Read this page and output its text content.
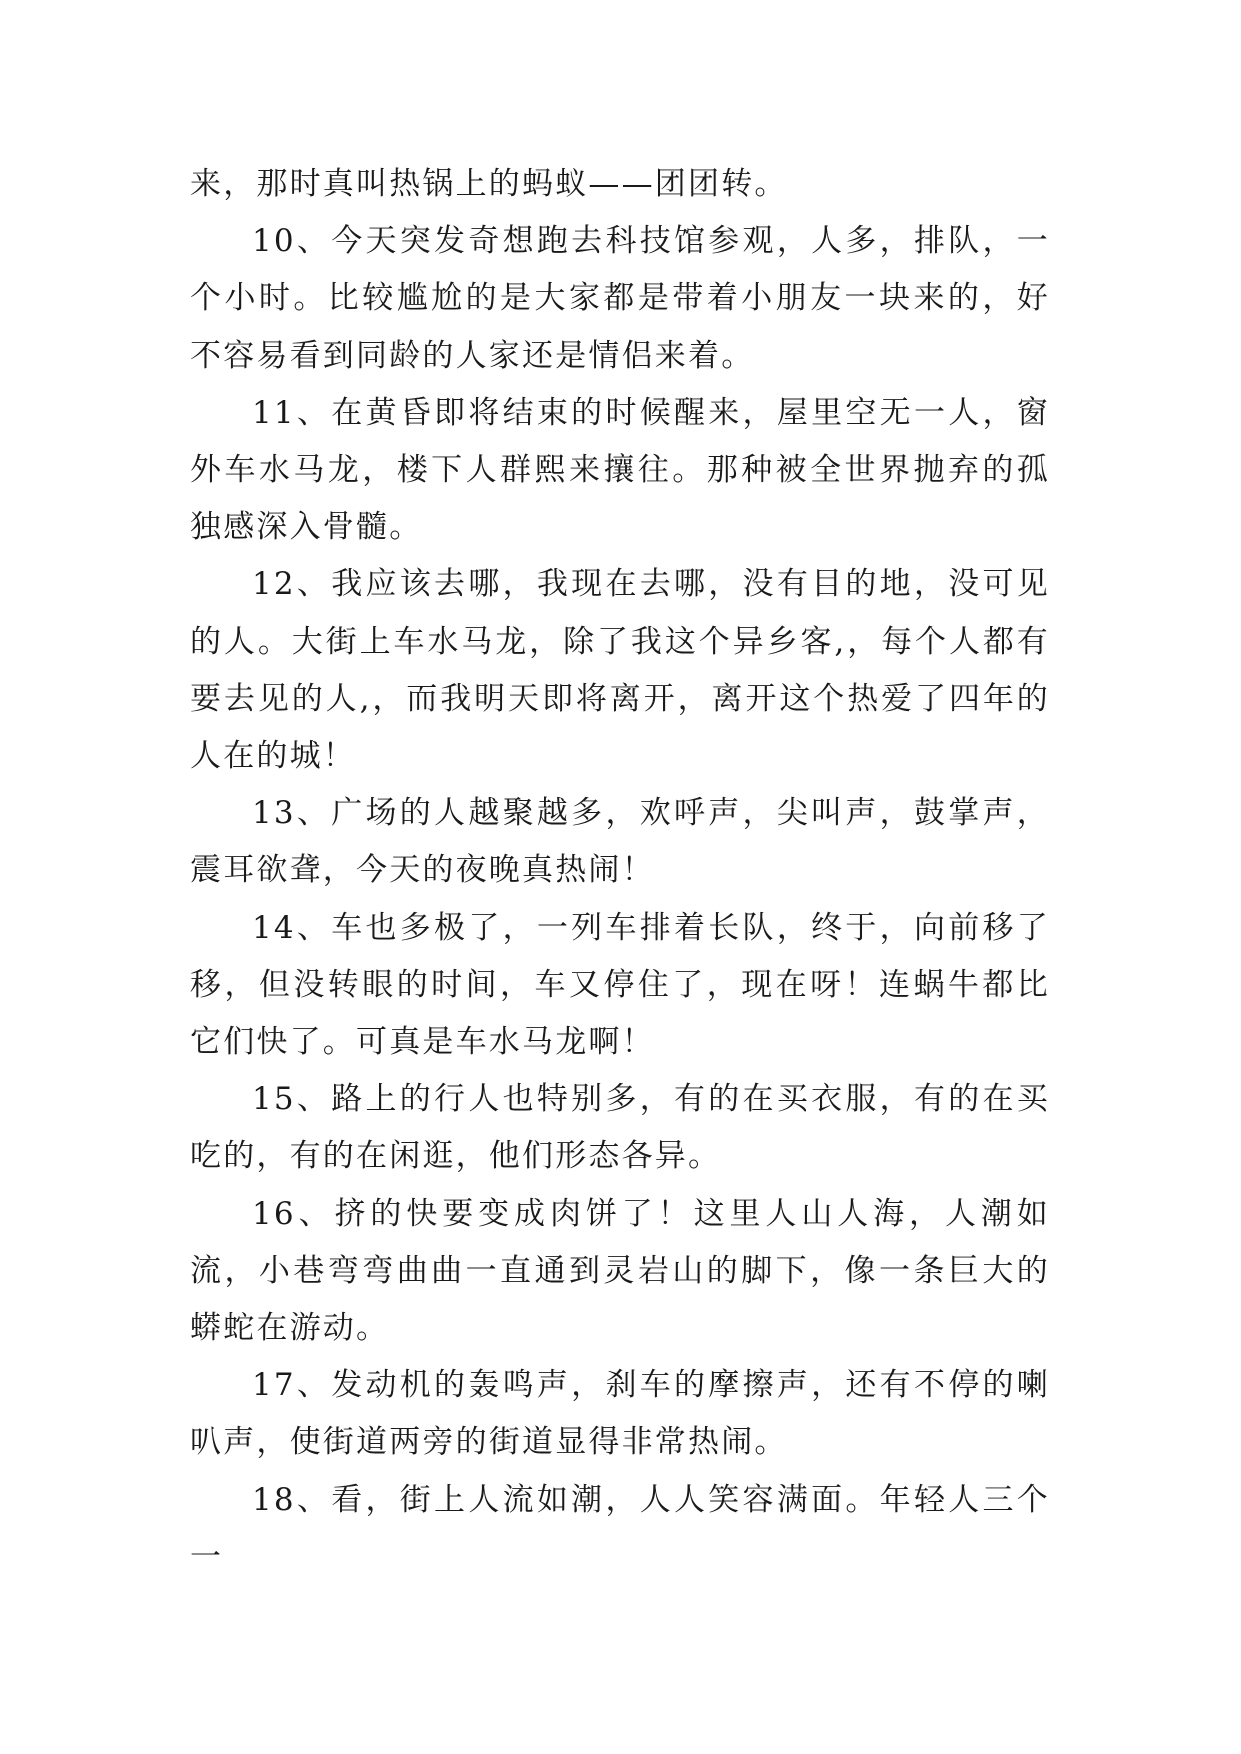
来，那时真叫热锅上的蚂蚁——团团转。

10、今天突发奇想跑去科技馆参观，人多，排队，一个小时。比较尴尬的是大家都是带着小朋友一块来的，好不容易看到同龄的人家还是情侣来着。

11、在黄昏即将结束的时候醒来，屋里空无一人，窗外车水马龙，楼下人群熙来攘往。那种被全世界抛弃的孤独感深入骨髓。

12、我应该去哪，我现在去哪，没有目的地，没可见的人。大街上车水马龙，除了我这个异乡客,，每个人都有要去见的人,，而我明天即将离开，离开这个热爱了四年的人在的城！

13、广场的人越聚越多，欢呼声，尖叫声，鼓掌声，震耳欲聋，今天的夜晚真热闹！

14、车也多极了，一列车排着长队，终于，向前移了移，但没转眼的时间，车又停住了，现在呀！连蜗牛都比它们快了。可真是车水马龙啊！

15、路上的行人也特别多，有的在买衣服，有的在买吃的，有的在闲逛，他们形态各异。

16、挤的快要变成肉饼了！这里人山人海，人潮如流，小巷弯弯曲曲一直通到灵岩山的脚下，像一条巨大的蟒蛇在游动。

17、发动机的轰鸣声，刹车的摩擦声，还有不停的喇叭声，使街道两旁的街道显得非常热闹。

18、看，街上人流如潮，人人笑容满面。年轻人三个一
